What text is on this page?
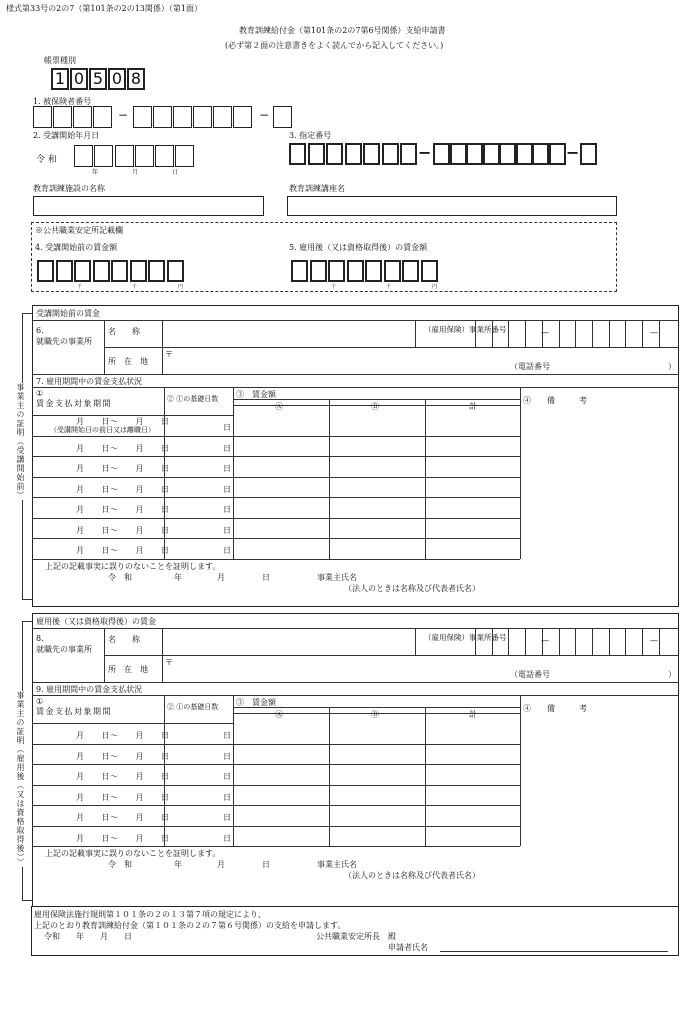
様式第33号の2の7（第101条の2の13関係）（第1面）
教育訓練給付金（第101条の2の7第6号関係）支給申請書
(必ず第２面の注意書きをよく読んでから記入してください。)
帳票種別
1 0 5 0 8
1. 被保険者番号
−	−
2. 受講開始年月日
令 和
年	月	日
3. 指定番号
−	−
教育訓練施設の名称	教育訓練講座名
※公共職業安定所記載欄
4. 受講開始前の賃金額	5. 雇用後（又は資格取得後）の賃金額
千	千	円	千	千	円
事業主の証明（受講開始前）
受講開始前の賃金
6.
就職先の事業所
名　　称
所　在　地
〒
（雇用保険）事業所番号	—	—
（電話番号	）
7. 雇用期間中の賃金支払状況
①
賃金支払対象期間	② ①の基礎日数 ③　賃金額
Ⓐ	Ⓑ	計
④　　備　　　考
月　　日～　　月　　日
（受講開始日の前日又は離職日）	日
月　　日～　　月　　日	日
月　　日～　　月　　日	日
月　　日～　　月　　日	日
月　　日～　　月　　日	日
月　　日～　　月　　日	日
月　　日～　　月　　日	日
上記の記載事実に誤りのないことを証明します。
令　和	年	月	日	事業主氏名
（法人のときは名称及び代表者氏名）
事業主の証明（雇用後（又は資格取得後））
雇用後（又は資格取得後）の賃金
8.
就職先の事業所
名　　称
所　在　地
〒
（雇用保険）事業所番号	—	—
（電話番号	）
9. 雇用期間中の賃金支払状況
①
賃金支払対象期間	② ①の基礎日数 ③　賃金額
Ⓐ	Ⓑ	計
④　　備　　　考
月　　日～　　月　　日	日
月　　日～　　月　　日	日
月　　日～　　月　　日	日
月　　日～　　月　　日	日
月　　日～　　月　　日	日
月　　日～　　月　　日	日
上記の記載事実に誤りのないことを証明します。
令　和	年	月	日	事業主氏名
（法人のときは名称及び代表者氏名）
雇用保険法施行規則第１０１条の２の１３第７項の規定により、
上記のとおり教育訓練給付金（第１０１条の２の７第６号関係）の支給を申請します。
令和　　年　　月　　日	公共職業安定所長　殿
申請者氏名
